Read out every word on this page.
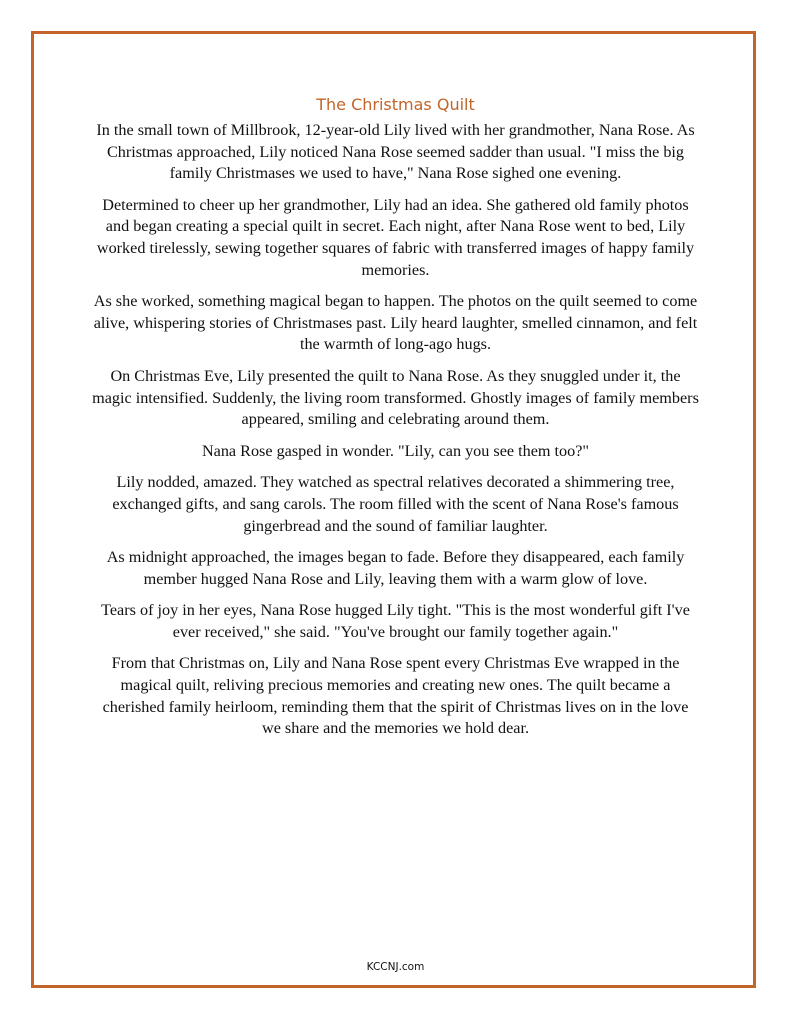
The Christmas Quilt

In the small town of Millbrook, 12-year-old Lily lived with her grandmother, Nana Rose. As Christmas approached, Lily noticed Nana Rose seemed sadder than usual. "I miss the big family Christmases we used to have," Nana Rose sighed one evening.

Determined to cheer up her grandmother, Lily had an idea. She gathered old family photos and began creating a special quilt in secret. Each night, after Nana Rose went to bed, Lily worked tirelessly, sewing together squares of fabric with transferred images of happy family memories.

As she worked, something magical began to happen. The photos on the quilt seemed to come alive, whispering stories of Christmases past. Lily heard laughter, smelled cinnamon, and felt the warmth of long-ago hugs.

On Christmas Eve, Lily presented the quilt to Nana Rose. As they snuggled under it, the magic intensified. Suddenly, the living room transformed. Ghostly images of family members appeared, smiling and celebrating around them.

Nana Rose gasped in wonder. "Lily, can you see them too?"

Lily nodded, amazed. They watched as spectral relatives decorated a shimmering tree, exchanged gifts, and sang carols. The room filled with the scent of Nana Rose's famous gingerbread and the sound of familiar laughter.

As midnight approached, the images began to fade. Before they disappeared, each family member hugged Nana Rose and Lily, leaving them with a warm glow of love.

Tears of joy in her eyes, Nana Rose hugged Lily tight. "This is the most wonderful gift I've ever received," she said. "You've brought our family together again."

From that Christmas on, Lily and Nana Rose spent every Christmas Eve wrapped in the magical quilt, reliving precious memories and creating new ones. The quilt became a cherished family heirloom, reminding them that the spirit of Christmas lives on in the love we share and the memories we hold dear.

KCCNJ.com
